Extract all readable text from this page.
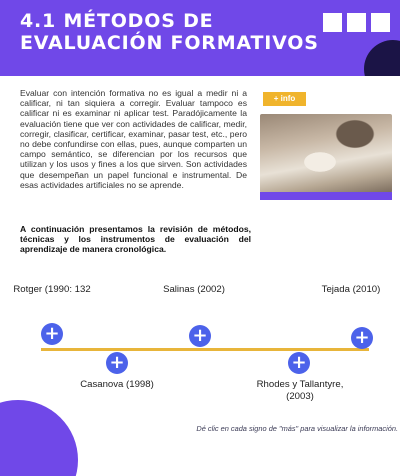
4.1 MÉTODOS DE EVALUACIÓN FORMATIVOS

Evaluar con intención formativa no es igual a medir ni a calificar, ni tan siquiera a corregir. Evaluar tampoco es calificar ni es examinar ni aplicar test. Paradójicamente la evaluación tiene que ver con actividades de calificar, medir, corregir, clasificar, certificar, examinar, pasar test, etc., pero no debe confundirse con ellas, pues, aunque comparten un campo semántico, se diferencian por los recursos que utilizan y los usos y fines a los que sirven. Son actividades que desempeñan un papel funcional e instrumental. De esas actividades artificiales no se aprende.

+ info

A continuación presentamos la revisión de métodos, técnicas y los instrumentos de evaluación del aprendizaje de manera cronológica.

Rotger (1990: 132
+
+
Casanova (1998)
Salinas (2002)
+
+
Rhodes y Tallantyre, (2003)
Tejada (2010)
+
Dé clic en cada signo de "más" para visualizar la información.
